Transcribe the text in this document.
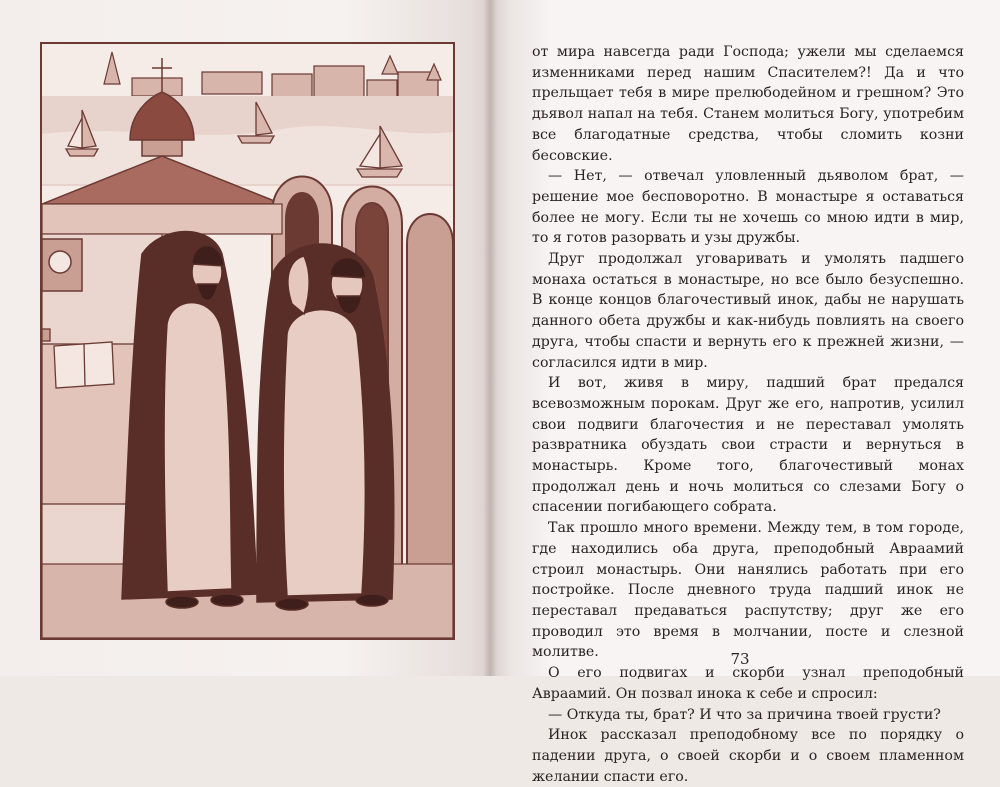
от мира навсегда ради Господа; ужели мы сделаемся изменниками перед нашим Спасителем?! Да и что прельщает тебя в мире прелюбодейном и грешном? Это дьявол напал на тебя. Станем молиться Богу, употребим все благодатные средства, чтобы сломить козни бесовские.

— Нет, — отвечал уловленный дьяволом брат, — решение мое бесповоротно. В монастыре я оставаться более не могу. Если ты не хочешь со мною идти в мир, то я готов разорвать и узы дружбы.

Друг продолжал уговаривать и умолять падшего монаха остаться в монастыре, но все было безуспешно. В конце концов благочестивый инок, дабы не нарушать данного обета дружбы и как-нибудь повлиять на своего друга, чтобы спасти и вернуть его к прежней жизни, — согласился идти в мир.

И вот, живя в миру, падший брат предался всевозможным порокам. Друг же его, напротив, усилил свои подвиги благочестия и не переставал умолять развратника обуздать свои страсти и вернуться в монастырь. Кроме того, благочестивый монах продолжал день и ночь молиться со слезами Богу о спасении погибающего собрата.

Так прошло много времени. Между тем, в том городе, где находились оба друга, преподобный Авраамий строил монастырь. Они нанялись работать при его постройке. После дневного труда падший инок не переставал предаваться распутству; друг же его проводил это время в молчании, посте и слезной молитве.

О его подвигах и скорби узнал преподобный Авраамий. Он позвал инока к себе и спросил:

— Откуда ты, брат? И что за причина твоей грусти?

Инок рассказал преподобному все по порядку о падении друга, о своей скорби и о своем пламенном желании спасти его.

73
